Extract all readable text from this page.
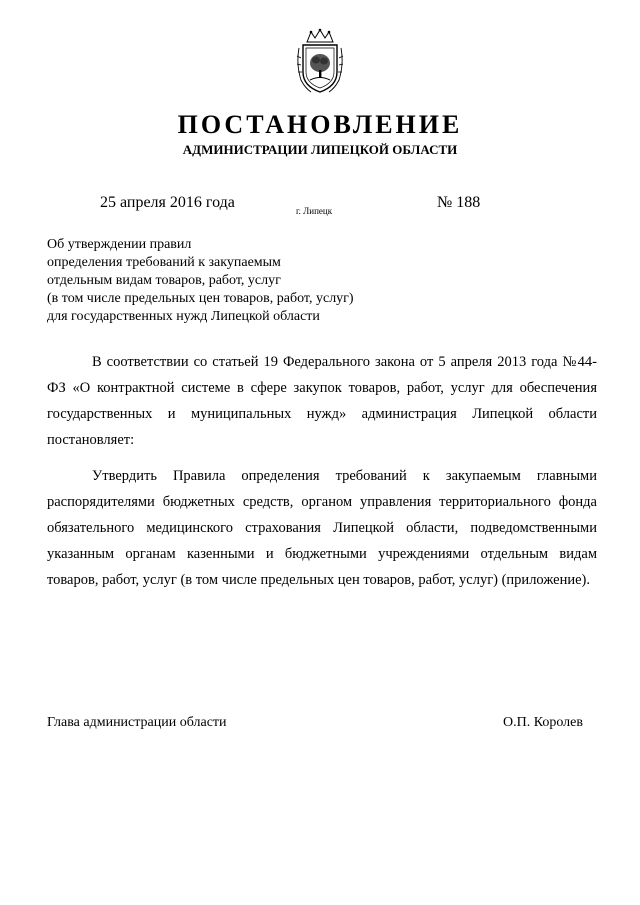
ПОСТАНОВЛЕНИЕ
АДМИНИСТРАЦИИ ЛИПЕЦКОЙ ОБЛАСТИ
25 апреля 2016 года	г. Липецк	№ 188
Об утверждении правил
определения требований к закупаемым
отдельным видам товаров, работ, услуг
(в том числе предельных цен товаров, работ, услуг)
для государственных нужд Липецкой области
В соответствии со статьей 19 Федерального закона от 5 апреля 2013 года №44-ФЗ «О контрактной системе в сфере закупок товаров, работ, услуг для обеспечения государственных и муниципальных нужд» администрация Липецкой области постановляет:
Утвердить Правила определения требований к закупаемым главными распорядителями бюджетных средств, органом управления территориального фонда обязательного медицинского страхования Липецкой области, подведомственными указанным органам казенными и бюджетными учреждениями отдельным видам товаров, работ, услуг (в том числе предельных цен товаров, работ, услуг) (приложение).
Глава администрации области	О.П. Королев
